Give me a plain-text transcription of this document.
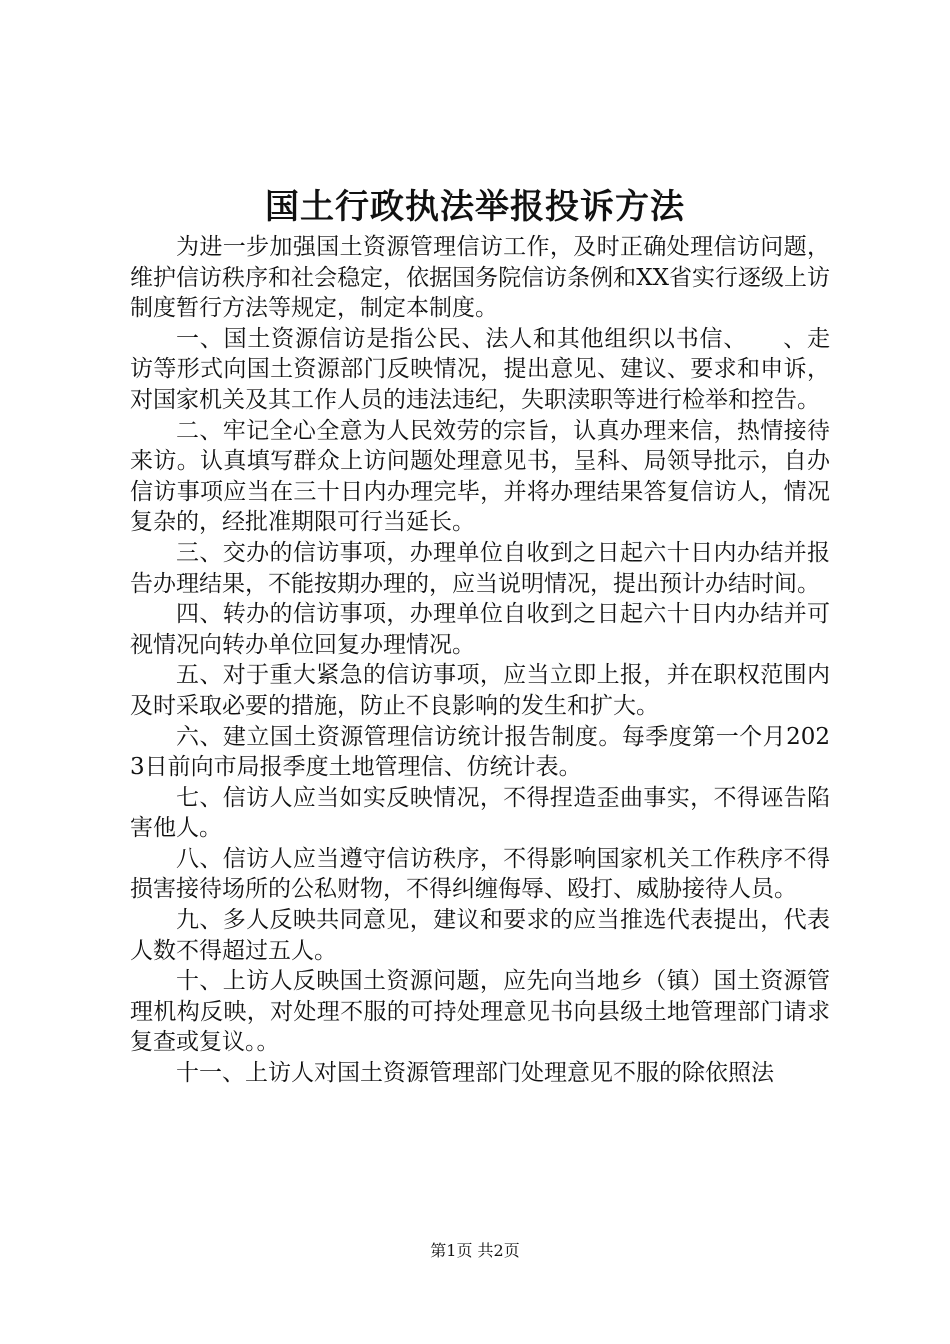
国土行政执法举报投诉方法

为进一步加强国土资源管理信访工作，及时正确处理信访问题，维护信访秩序和社会稳定，依据国务院信访条例和XX省实行逐级上访制度暂行方法等规定，制定本制度。

一、国土资源信访是指公民、法人和其他组织以书信、　　、走访等形式向国土资源部门反映情况，提出意见、建议、要求和申诉，对国家机关及其工作人员的违法违纪，失职渎职等进行检举和控告。

二、牢记全心全意为人民效劳的宗旨，认真办理来信，热情接待来访。认真填写群众上访问题处理意见书，呈科、局领导批示，自办信访事项应当在三十日内办理完毕，并将办理结果答复信访人，情况复杂的，经批准期限可行当延长。

三、交办的信访事项，办理单位自收到之日起六十日内办结并报告办理结果，不能按期办理的，应当说明情况，提出预计办结时间。

四、转办的信访事项，办理单位自收到之日起六十日内办结并可视情况向转办单位回复办理情况。

五、对于重大紧急的信访事项，应当立即上报，并在职权范围内及时采取必要的措施，防止不良影响的发生和扩大。

六、建立国土资源管理信访统计报告制度。每季度第一个月2023日前向市局报季度土地管理信、仿统计表。

七、信访人应当如实反映情况，不得捏造歪曲事实，不得诬告陷害他人。

八、信访人应当遵守信访秩序，不得影响国家机关工作秩序不得损害接待场所的公私财物，不得纠缠侮辱、殴打、威胁接待人员。

九、多人反映共同意见，建议和要求的应当推选代表提出，代表人数不得超过五人。

十、上访人反映国土资源问题，应先向当地乡（镇）国土资源管理机构反映，对处理不服的可持处理意见书向县级土地管理部门请求复查或复议。。

十一、上访人对国土资源管理部门处理意见不服的除依照法

第1页 共2页
